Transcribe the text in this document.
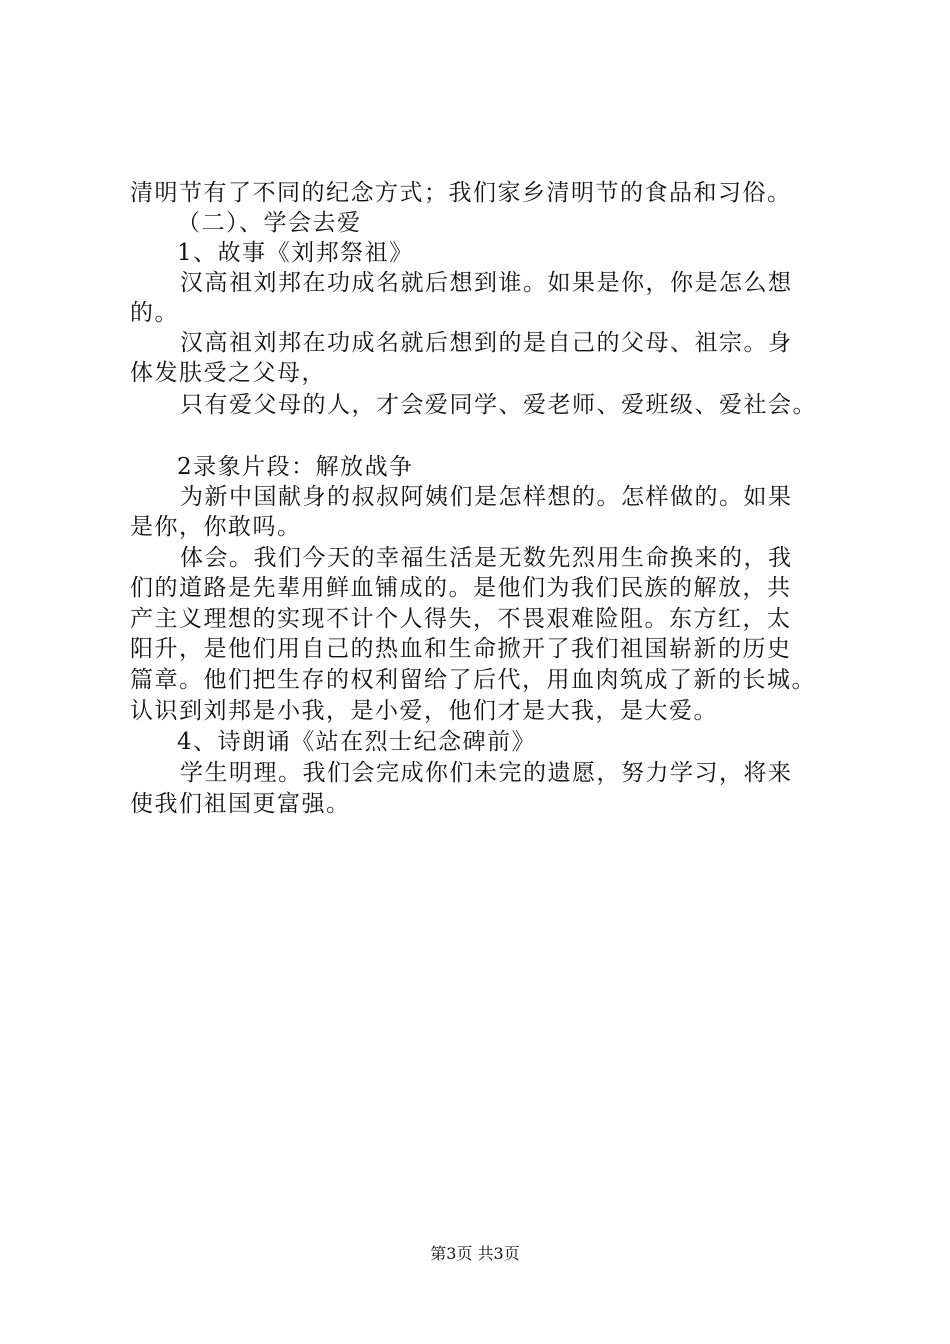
清明节有了不同的纪念方式；我们家乡清明节的食品和习俗。
（二）、学会去爱
1、故事《刘邦祭祖》
汉高祖刘邦在功成名就后想到谁。如果是你，你是怎么想
的。
汉高祖刘邦在功成名就后想到的是自己的父母、祖宗。身
体发肤受之父母，
只有爱父母的人，才会爱同学、爱老师、爱班级、爱社会。
2录象片段：解放战争
为新中国献身的叔叔阿姨们是怎样想的。怎样做的。如果
是你，你敢吗。
体会。我们今天的幸福生活是无数先烈用生命换来的，我
们的道路是先辈用鲜血铺成的。是他们为我们民族的解放，共
产主义理想的实现不计个人得失，不畏艰难险阻。东方红，太
阳升，是他们用自己的热血和生命掀开了我们祖国崭新的历史
篇章。他们把生存的权利留给了后代，用血肉筑成了新的长城。
认识到刘邦是小我，是小爱，他们才是大我，是大爱。
4、诗朗诵《站在烈士纪念碑前》
学生明理。我们会完成你们未完的遗愿，努力学习，将来
使我们祖国更富强。
第3页 共3页
